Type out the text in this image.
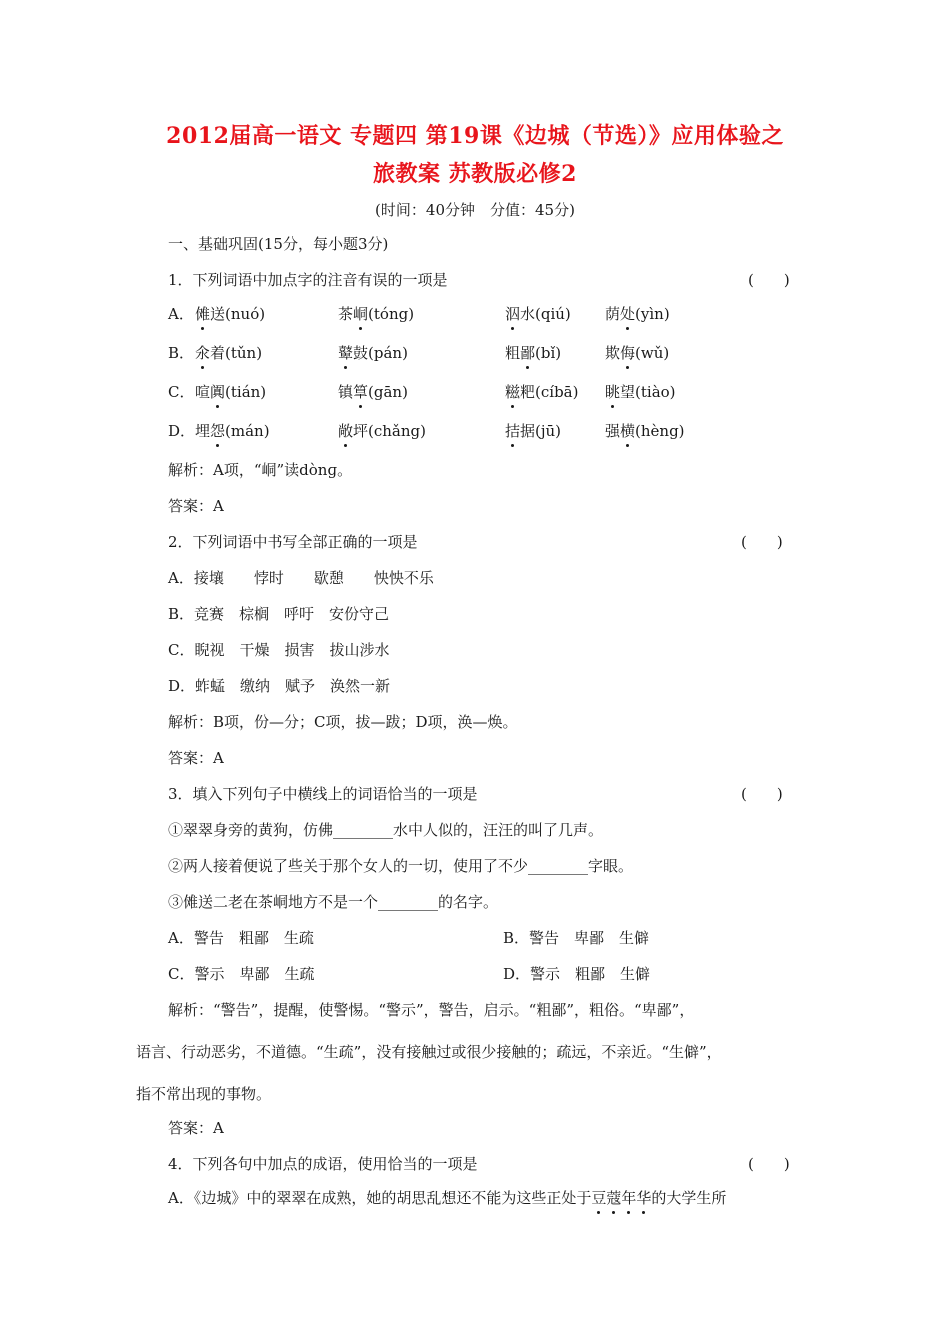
2012届高一语文 专题四 第19课《边城（节选）》应用体验之
旅教案 苏教版必修2
(时间：40分钟　分值：45分)
一、基础巩固(15分，每小题3分)
1．下列词语中加点字的注音有误的一项是	(　　)
A． 傩送(nuó)	茶峒(tóng)	泅水(qiú) 荫处(yìn)
B． 氽着(tǔn)	鼙鼓(pán)	粗鄙(bǐ)	欺侮(wǔ)
C． 喧阗(tián)	镇筸(gān)	糍粑(cíbā) 眺望(tiào)
D． 埋怨(mán)	敞坪(chǎng)	拮据(jū)	强横(hèng)
解析：A项，“峒”读dònɡ。
答案：A
2．下列词语中书写全部正确的一项是	(　　)
A．接壤　　悖时　　歇憩　　怏怏不乐
B．竞赛　棕榈　呼吁　安份守己
C．睨视　干燥　损害　拔山涉水
D．蚱蜢　缴纳　赋予　涣然一新
解析：B项，份—分；C项，拔—跋；D项，涣—焕。
答案：A
3．填入下列句子中横线上的词语恰当的一项是	(　　)
①翠翠身旁的黄狗，仿佛________水中人似的，汪汪的叫了几声。
②两人接着便说了些关于那个女人的一切，使用了不少________字眼。
③傩送二老在茶峒地方不是一个________的名字。
A．警告　粗鄙　生疏	B．警告　卑鄙　生僻
C．警示　卑鄙　生疏	D．警示　粗鄙　生僻
解析：“警告”，提醒，使警惕。“警示”，警告，启示。“粗鄙”，粗俗。“卑鄙”，
语言、行动恶劣，不道德。“生疏”，没有接触过或很少接触的；疏远，不亲近。“生僻”，
指不常出现的事物。
答案：A
4．下列各句中加点的成语，使用恰当的一项是	(　　)
A．《边城》中的翠翠在成熟，她的胡思乱想还不能为这些正处于豆蔻年华的大学生所
